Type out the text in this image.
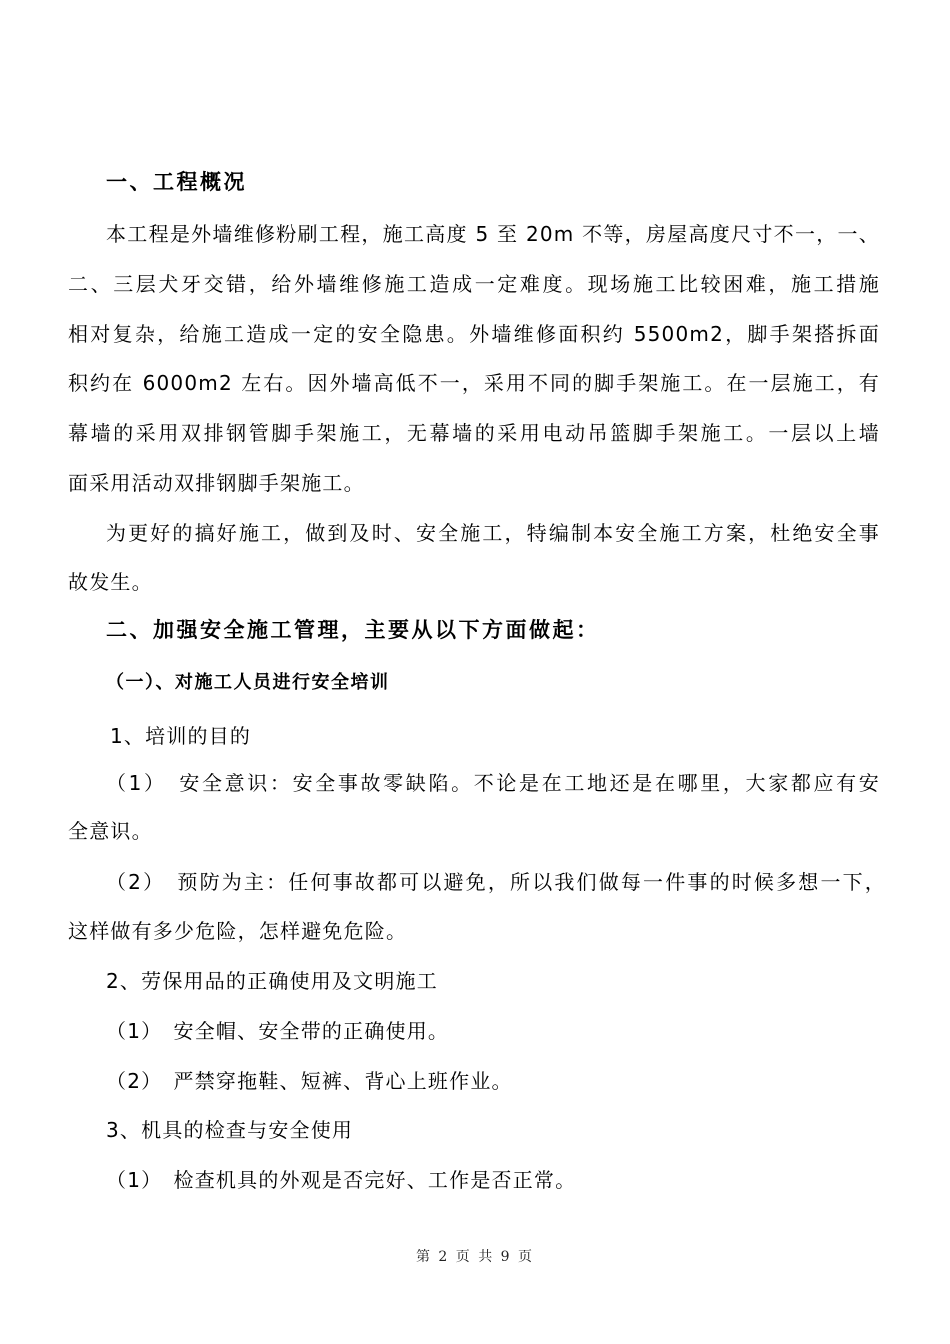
一、工程概况
本工程是外墙维修粉刷工程，施工高度 5 至 20m 不等，房屋高度尺寸不一，一、
二、三层犬牙交错，给外墙维修施工造成一定难度。现场施工比较困难，施工措施
相对复杂，给施工造成一定的安全隐患。外墙维修面积约 5500m2，脚手架搭拆面
积约在 6000m2 左右。因外墙高低不一，采用不同的脚手架施工。在一层施工，有
幕墙的采用双排钢管脚手架施工，无幕墙的采用电动吊篮脚手架施工。一层以上墙
面采用活动双排钢脚手架施工。
为更好的搞好施工，做到及时、安全施工，特编制本安全施工方案，杜绝安全事
故发生。
二、加强安全施工管理，主要从以下方面做起：
（一）、对施工人员进行安全培训
1、培训的目的
（1）　安全意识：安全事故零缺陷。不论是在工地还是在哪里，大家都应有安
全意识。
（2）　预防为主：任何事故都可以避免，所以我们做每一件事的时候多想一下，
这样做有多少危险，怎样避免危险。
2、劳保用品的正确使用及文明施工
（1）　安全帽、安全带的正确使用。
（2）　严禁穿拖鞋、短裤、背心上班作业。
3、机具的检查与安全使用
（1）　检查机具的外观是否完好、工作是否正常。
第 2 页 共 9 页
